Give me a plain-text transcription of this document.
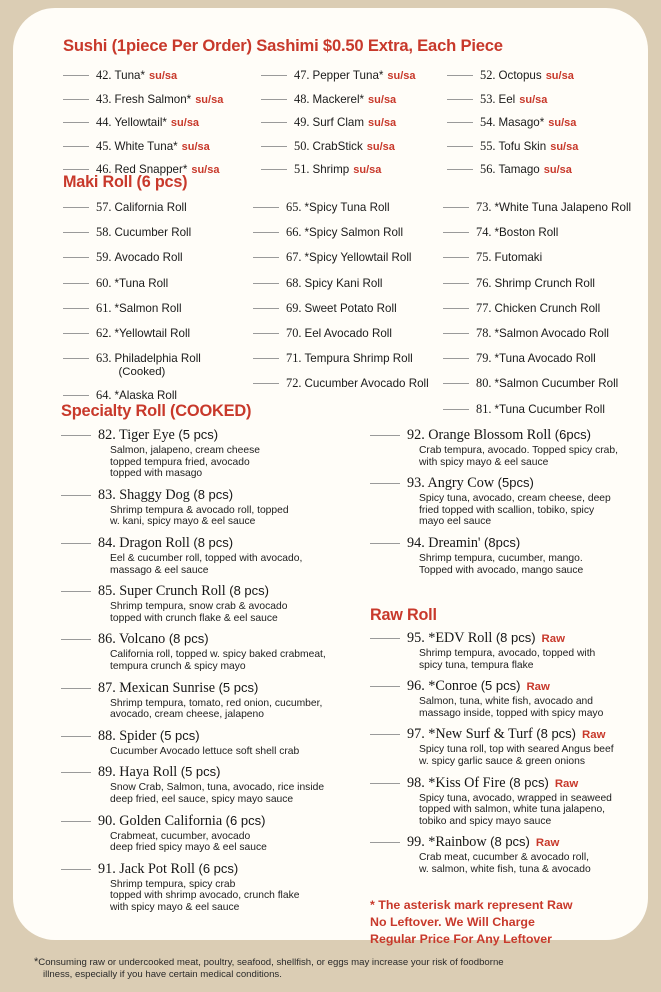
Sushi (1piece Per Order) Sashimi $0.50 Extra, Each Piece
42. Tuna* su/sa
43. Fresh Salmon* su/sa
44. Yellowtail* su/sa
45. White Tuna* su/sa
46. Red Snapper* su/sa
47. Pepper Tuna* su/sa
48. Mackerel* su/sa
49. Surf Clam su/sa
50. CrabStick su/sa
51. Shrimp su/sa
52. Octopus su/sa
53. Eel su/sa
54. Masago* su/sa
55. Tofu Skin su/sa
56. Tamago su/sa
Maki Roll (6 pcs)
57. California Roll
58. Cucumber Roll
59. Avocado Roll
60. *Tuna Roll
61. *Salmon Roll
62. *Yellowtail Roll
63. Philadelphia Roll
(Cooked)
64. *Alaska Roll
65. *Spicy Tuna Roll
66. *Spicy Salmon Roll
67. *Spicy Yellowtail Roll
68. Spicy Kani Roll
69. Sweet Potato Roll
70. Eel Avocado Roll
71. Tempura Shrimp Roll
72. Cucumber Avocado Roll
73. *White Tuna Jalapeno Roll
74. *Boston Roll
75. Futomaki
76. Shrimp Crunch Roll
77. Chicken Crunch Roll
78. *Salmon Avocado Roll
79. *Tuna Avocado Roll
80. *Salmon Cucumber Roll
81. *Tuna Cucumber Roll
Specialty Roll (COOKED)
82. Tiger Eye (5 pcs)
Salmon, jalapeno, cream cheese
topped tempura fried, avocado
topped with masago
83. Shaggy Dog (8 pcs)
Shrimp tempura & avocado roll, topped
w. kani, spicy mayo & eel sauce
84. Dragon Roll (8 pcs)
Eel & cucumber roll, topped with avocado,
massago & eel sauce
85. Super Crunch Roll (8 pcs)
Shrimp tempura, snow crab & avocado
topped with crunch flake & eel sauce
86. Volcano (8 pcs)
California roll, topped w. spicy baked crabmeat,
tempura crunch & spicy mayo
87. Mexican Sunrise (5 pcs)
Shrimp tempura, tomato, red onion, cucumber,
avocado, cream cheese, jalapeno
88. Spider (5 pcs)
Cucumber Avocado lettuce soft shell crab
89. Haya Roll (5 pcs)
Snow Crab, Salmon, tuna, avocado, rice inside
deep fried, eel sauce, spicy mayo sauce
90. Golden California (6 pcs)
Crabmeat, cucumber, avocado
deep fried spicy mayo & eel sauce
91. Jack Pot Roll (6 pcs)
Shrimp tempura, spicy crab
topped with shrimp avocado, crunch flake
with spicy mayo & eel sauce
92. Orange Blossom Roll (6pcs)
Crab tempura, avocado. Topped spicy crab,
with spicy mayo & eel sauce
93. Angry Cow (5pcs)
Spicy tuna, avocado, cream cheese, deep
fried topped with scallion, tobiko, spicy
mayo eel sauce
94. Dreamin' (8pcs)
Shrimp tempura, cucumber, mango.
Topped with avocado, mango sauce
Raw Roll
95. *EDV Roll (8 pcs) Raw
Shrimp tempura, avocado, topped with
spicy tuna, tempura flake
96. *Conroe (5 pcs) Raw
Salmon, tuna, white fish, avocado and
massago inside, topped with spicy mayo
97. *New Surf & Turf (8 pcs) Raw
Spicy tuna roll, top with seared Angus beef
w. spicy garlic sauce & green onions
98. *Kiss Of Fire (8 pcs) Raw
Spicy tuna, avocado, wrapped in seaweed
topped with salmon, white tuna jalapeno,
tobiko and spicy mayo sauce
99. *Rainbow (8 pcs) Raw
Crab meat, cucumber & avocado roll,
w. salmon, white fish, tuna & avocado
* The asterisk mark represent Raw
No Leftover. We Will Charge
Regular Price For Any Leftover
*Consuming raw or undercooked meat, poultry, seafood, shellfish, or eggs may increase your risk of foodborne
illness, especially if you have certain medical conditions.
